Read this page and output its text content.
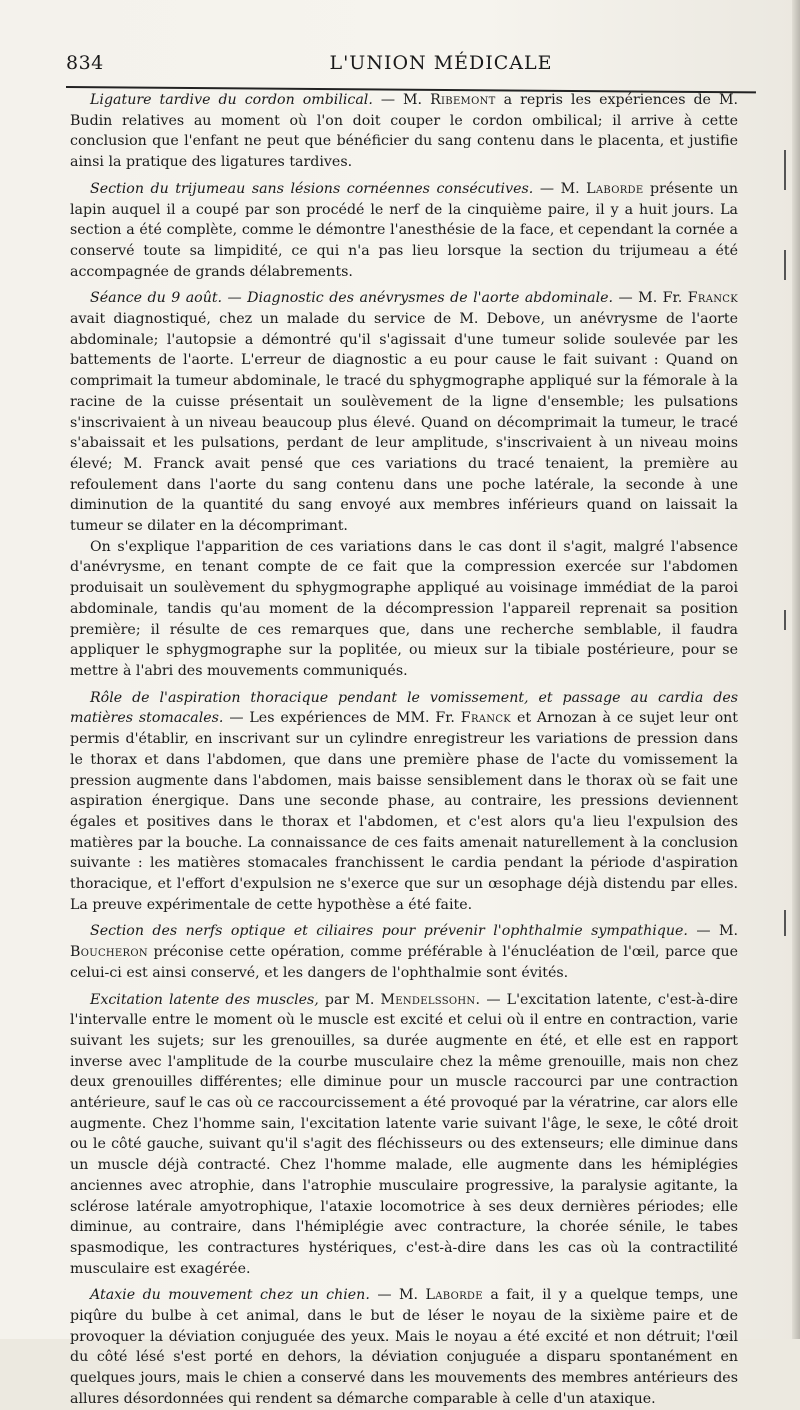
834	L'UNION MÉDICALE

Ligature tardive du cordon ombilical. — M. Ribemont a repris les expériences de M. Budin relatives au moment où l'on doit couper le cordon ombilical; il arrive à cette conclusion que l'enfant ne peut que bénéficier du sang contenu dans le placenta, et justifie ainsi la pratique des ligatures tardives.

Section du trijumeau sans lésions cornéennes consécutives. — M. Laborde présente un lapin auquel il a coupé par son procédé le nerf de la cinquième paire, il y a huit jours. La section a été complète, comme le démontre l'anesthésie de la face, et cependant la cornée a conservé toute sa limpidité, ce qui n'a pas lieu lorsque la section du trijumeau a été accompagnée de grands délabrements.

Séance du 9 août. — Diagnostic des anévrysmes de l'aorte abdominale. — M. Fr. Franck avait diagnostiqué, chez un malade du service de M. Debove, un anévrysme de l'aorte abdominale; l'autopsie a démontré qu'il s'agissait d'une tumeur solide soulevée par les battements de l'aorte. L'erreur de diagnostic a eu pour cause le fait suivant : Quand on comprimait la tumeur abdominale, le tracé du sphygmographe appliqué sur la fémorale à la racine de la cuisse présentait un soulèvement de la ligne d'ensemble; les pulsations s'inscrivaient à un niveau beaucoup plus élevé. Quand on décomprimait la tumeur, le tracé s'abaissait et les pulsations, perdant de leur amplitude, s'inscrivaient à un niveau moins élevé; M. Franck avait pensé que ces variations du tracé tenaient, la première au refoulement dans l'aorte du sang contenu dans une poche latérale, la seconde à une diminution de la quantité du sang envoyé aux membres inférieurs quand on laissait la tumeur se dilater en la décomprimant.

On s'explique l'apparition de ces variations dans le cas dont il s'agit, malgré l'absence d'anévrysme, en tenant compte de ce fait que la compression exercée sur l'abdomen produisait un soulèvement du sphygmographe appliqué au voisinage immédiat de la paroi abdominale, tandis qu'au moment de la décompression l'appareil reprenait sa position première; il résulte de ces remarques que, dans une recherche semblable, il faudra appliquer le sphygmographe sur la poplitée, ou mieux sur la tibiale postérieure, pour se mettre à l'abri des mouvements communiqués.

Rôle de l'aspiration thoracique pendant le vomissement, et passage au cardia des matières stomacales. — Les expériences de MM. Fr. Franck et Arnozan à ce sujet leur ont permis d'établir, en inscrivant sur un cylindre enregistreur les variations de pression dans le thorax et dans l'abdomen, que dans une première phase de l'acte du vomissement la pression augmente dans l'abdomen, mais baisse sensiblement dans le thorax où se fait une aspiration énergique. Dans une seconde phase, au contraire, les pressions deviennent égales et positives dans le thorax et l'abdomen, et c'est alors qu'a lieu l'expulsion des matières par la bouche. La connaissance de ces faits amenait naturellement à la conclusion suivante : les matières stomacales franchissent le cardia pendant la période d'aspiration thoracique, et l'effort d'expulsion ne s'exerce que sur un œsophage déjà distendu par elles. La preuve expérimentale de cette hypothèse a été faite.

Section des nerfs optique et ciliaires pour prévenir l'ophthalmie sympathique. — M. Boucheron préconise cette opération, comme préférable à l'énucléation de l'œil, parce que celui-ci est ainsi conservé, et les dangers de l'ophthalmie sont évités.

Excitation latente des muscles, par M. Mendelssohn. — L'excitation latente, c'est-à-dire l'intervalle entre le moment où le muscle est excité et celui où il entre en contraction, varie suivant les sujets; sur les grenouilles, sa durée augmente en été, et elle est en rapport inverse avec l'amplitude de la courbe musculaire chez la même grenouille, mais non chez deux grenouilles différentes; elle diminue pour un muscle raccourci par une contraction antérieure, sauf le cas où ce raccourcissement a été provoqué par la vératrine, car alors elle augmente. Chez l'homme sain, l'excitation latente varie suivant l'âge, le sexe, le côté droit ou le côté gauche, suivant qu'il s'agit des fléchisseurs ou des extenseurs; elle diminue dans un muscle déjà contracté. Chez l'homme malade, elle augmente dans les hémiplégies anciennes avec atrophie, dans l'atrophie musculaire progressive, la paralysie agitante, la sclérose latérale amyotrophique, l'ataxie locomotrice à ses deux dernières périodes; elle diminue, au contraire, dans l'hémiplégie avec contracture, la chorée sénile, le tabes spasmodique, les contractures hystériques, c'est-à-dire dans les cas où la contractilité musculaire est exagérée.

Ataxie du mouvement chez un chien. — M. Laborde a fait, il y a quelque temps, une piqûre du bulbe à cet animal, dans le but de léser le noyau de la sixième paire et de provoquer la déviation conjuguée des yeux. Mais le noyau a été excité et non détruit; l'œil du côté lésé s'est porté en dehors, la déviation conjuguée a disparu spontanément en quelques jours, mais le chien a conservé dans les mouvements des membres antérieurs des allures désordonnées qui rendent sa démarche comparable à celle d'un ataxique.
